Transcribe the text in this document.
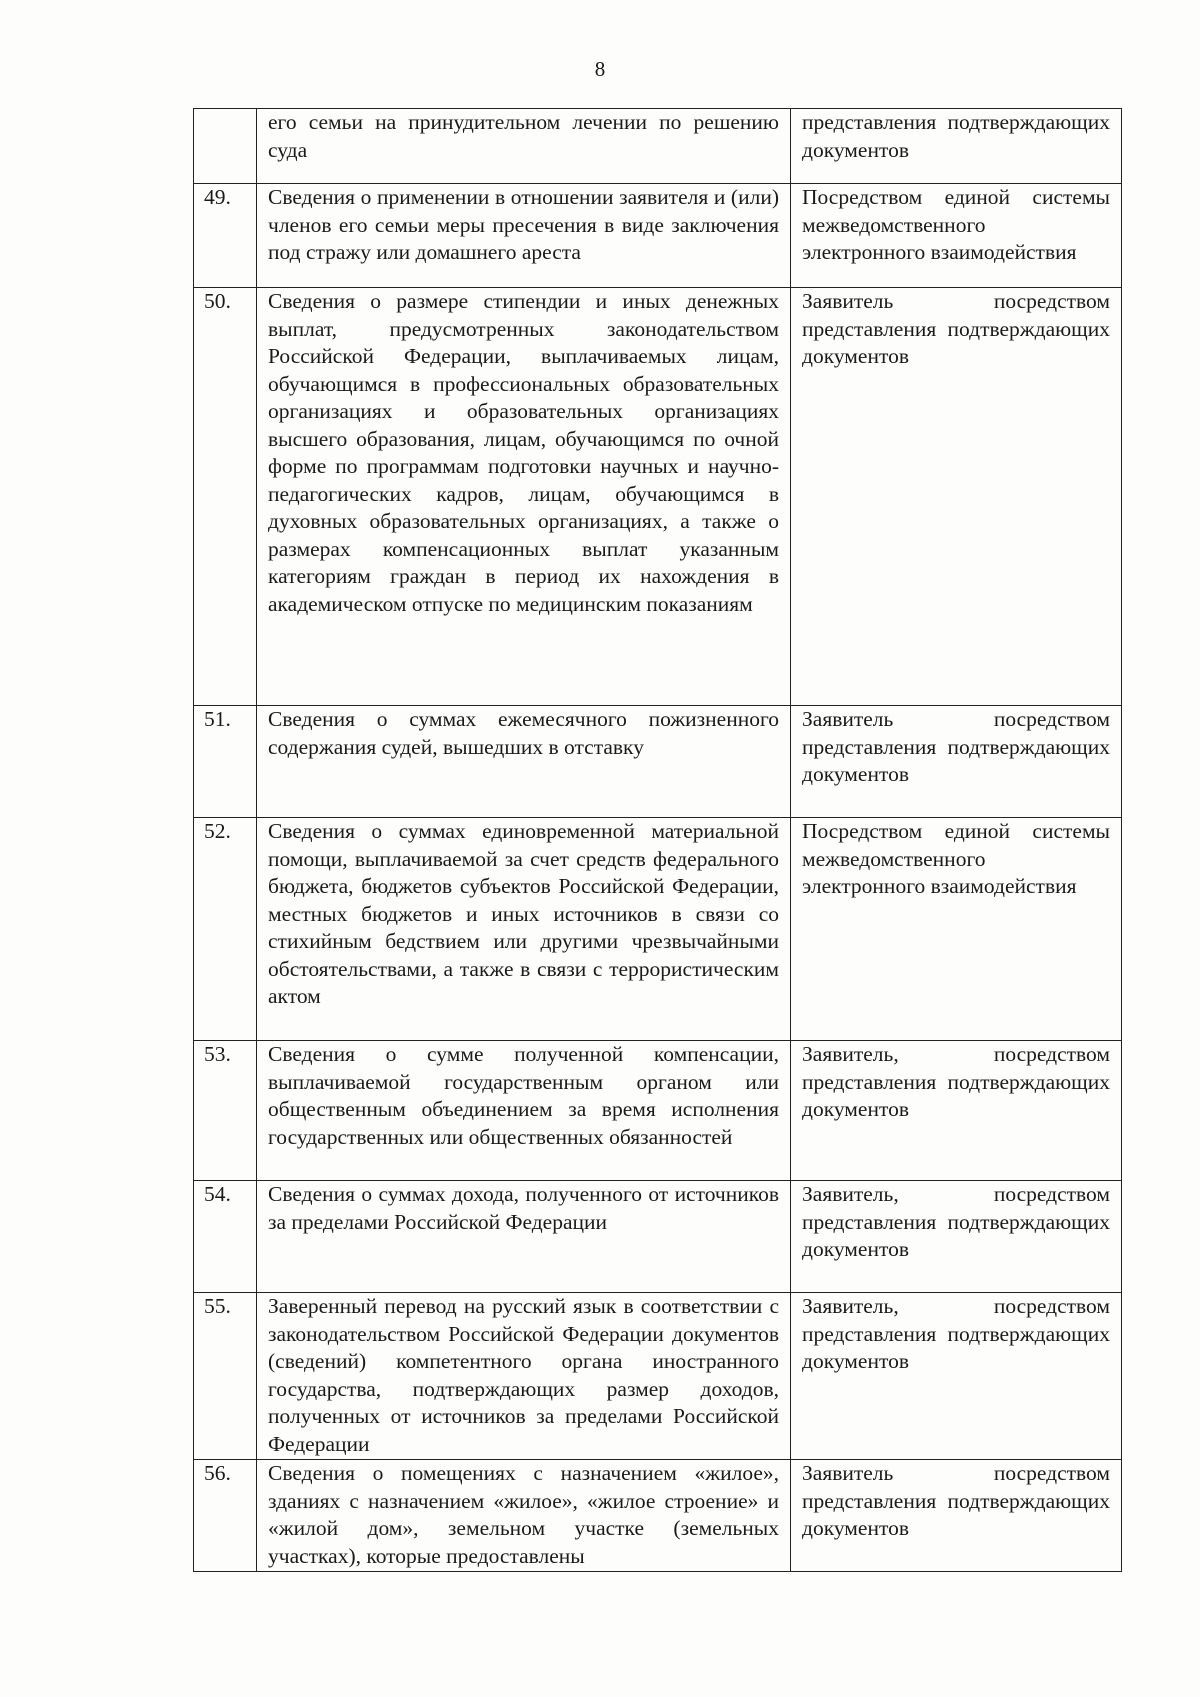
8
	его семьи на принудительном лечении по решению суда	представления подтверждающих документов
49.	Сведения о применении в отношении заявителя и (или) членов его семьи меры пресечения в виде заключения под стражу или домашнего ареста	Посредством единой системы межведомственного электронного взаимодействия
50.	Сведения о размере стипендии и иных денежных выплат, предусмотренных законодательством Российской Федерации, выплачиваемых лицам, обучающимся в профессиональных образовательных организациях и образовательных организациях высшего образования, лицам, обучающимся по очной форме по программам подготовки научных и научно-педагогических кадров, лицам, обучающимся в духовных образовательных организациях, а также о размерах компенсационных выплат указанным категориям граждан в период их нахождения в академическом отпуске по медицинским показаниям	Заявитель посредством представления подтверждающих документов
51.	Сведения о суммах ежемесячного пожизненного содержания судей, вышедших в отставку	Заявитель посредством представления подтверждающих документов
52.	Сведения о суммах единовременной материальной помощи, выплачиваемой за счет средств федерального бюджета, бюджетов субъектов Российской Федерации, местных бюджетов и иных источников в связи со стихийным бедствием или другими чрезвычайными обстоятельствами, а также в связи с террористическим актом	Посредством единой системы межведомственного электронного взаимодействия
53.	Сведения о сумме полученной компенсации, выплачиваемой государственным органом или общественным объединением за время исполнения государственных или общественных обязанностей	Заявитель, посредством представления подтверждающих документов
54.	Сведения о суммах дохода, полученного от источников за пределами Российской Федерации	Заявитель, посредством представления подтверждающих документов
55.	Заверенный перевод на русский язык в соответствии с законодательством Российской Федерации документов (сведений) компетентного органа иностранного государства, подтверждающих размер доходов, полученных от источников за пределами Российской Федерации	Заявитель, посредством представления подтверждающих документов
56.	Сведения о помещениях с назначением «жилое», зданиях с назначением «жилое», «жилое строение» и «жилой дом», земельном участке (земельных участках), которые предоставлены	Заявитель посредством представления подтверждающих документов
